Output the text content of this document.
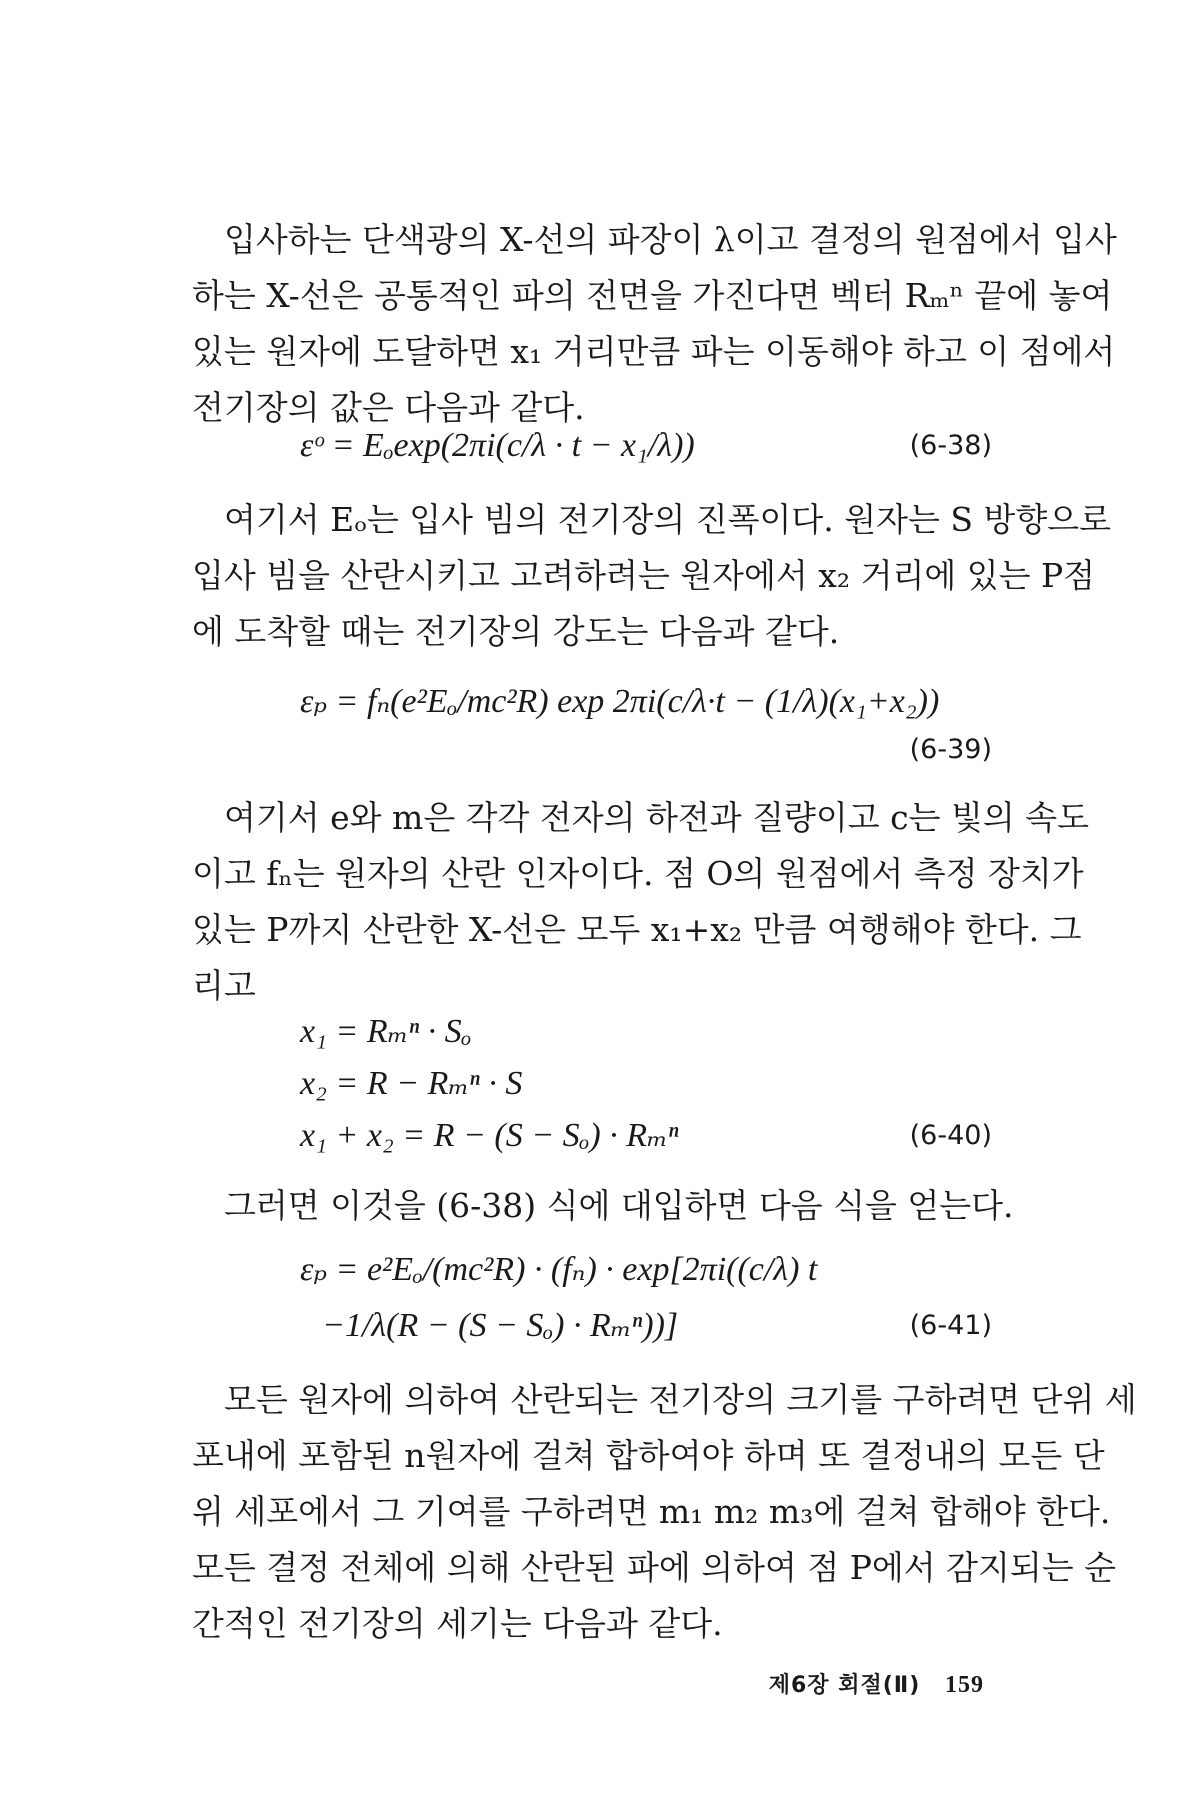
입사하는 단색광의 X-선의 파장이 λ이고 결정의 원점에서 입사
하는 X-선은 공통적인 파의 전면을 가진다면 벡터 Rₘⁿ 끝에 놓여
있는 원자에 도달하면 x₁ 거리만큼 파는 이동해야 하고 이 점에서
전기장의 값은 다음과 같다.
εᵒ = Eₒexp(2πi(c/λ · t − x₁/λ))	(6-38)
여기서 Eₒ는 입사 빔의 전기장의 진폭이다. 원자는 S 방향으로
입사 빔을 산란시키고 고려하려는 원자에서 x₂ 거리에 있는 P점
에 도착할 때는 전기장의 강도는 다음과 같다.
εₚ = fₙ(e²Eₒ/mc²R) exp 2πi(c/λ·t − (1/λ)(x₁+x₂))
(6-39)
여기서 e와 m은 각각 전자의 하전과 질량이고 c는 빛의 속도
이고 fₙ는 원자의 산란 인자이다. 점 O의 원점에서 측정 장치가
있는 P까지 산란한 X-선은 모두 x₁+x₂ 만큼 여행해야 한다. 그
리고
x₁ = Rₘⁿ · Sₒ
x₂ = R − Rₘⁿ · S
x₁ + x₂ = R − (S − Sₒ) · Rₘⁿ	(6-40)
그러면 이것을 (6-38) 식에 대입하면 다음 식을 얻는다.
εₚ = e²Eₒ/(mc²R) · (fₙ) · exp[2πi((c/λ) t
−1/λ(R − (S − Sₒ) · Rₘⁿ))]	(6-41)
모든 원자에 의하여 산란되는 전기장의 크기를 구하려면 단위 세
포내에 포함된 n원자에 걸쳐 합하여야 하며 또 결정내의 모든 단
위 세포에서 그 기여를 구하려면 m₁ m₂ m₃에 걸쳐 합해야 한다.
모든 결정 전체에 의해 산란된 파에 의하여 점 P에서 감지되는 순
간적인 전기장의 세기는 다음과 같다.
제6장 회절(Ⅱ) 159
